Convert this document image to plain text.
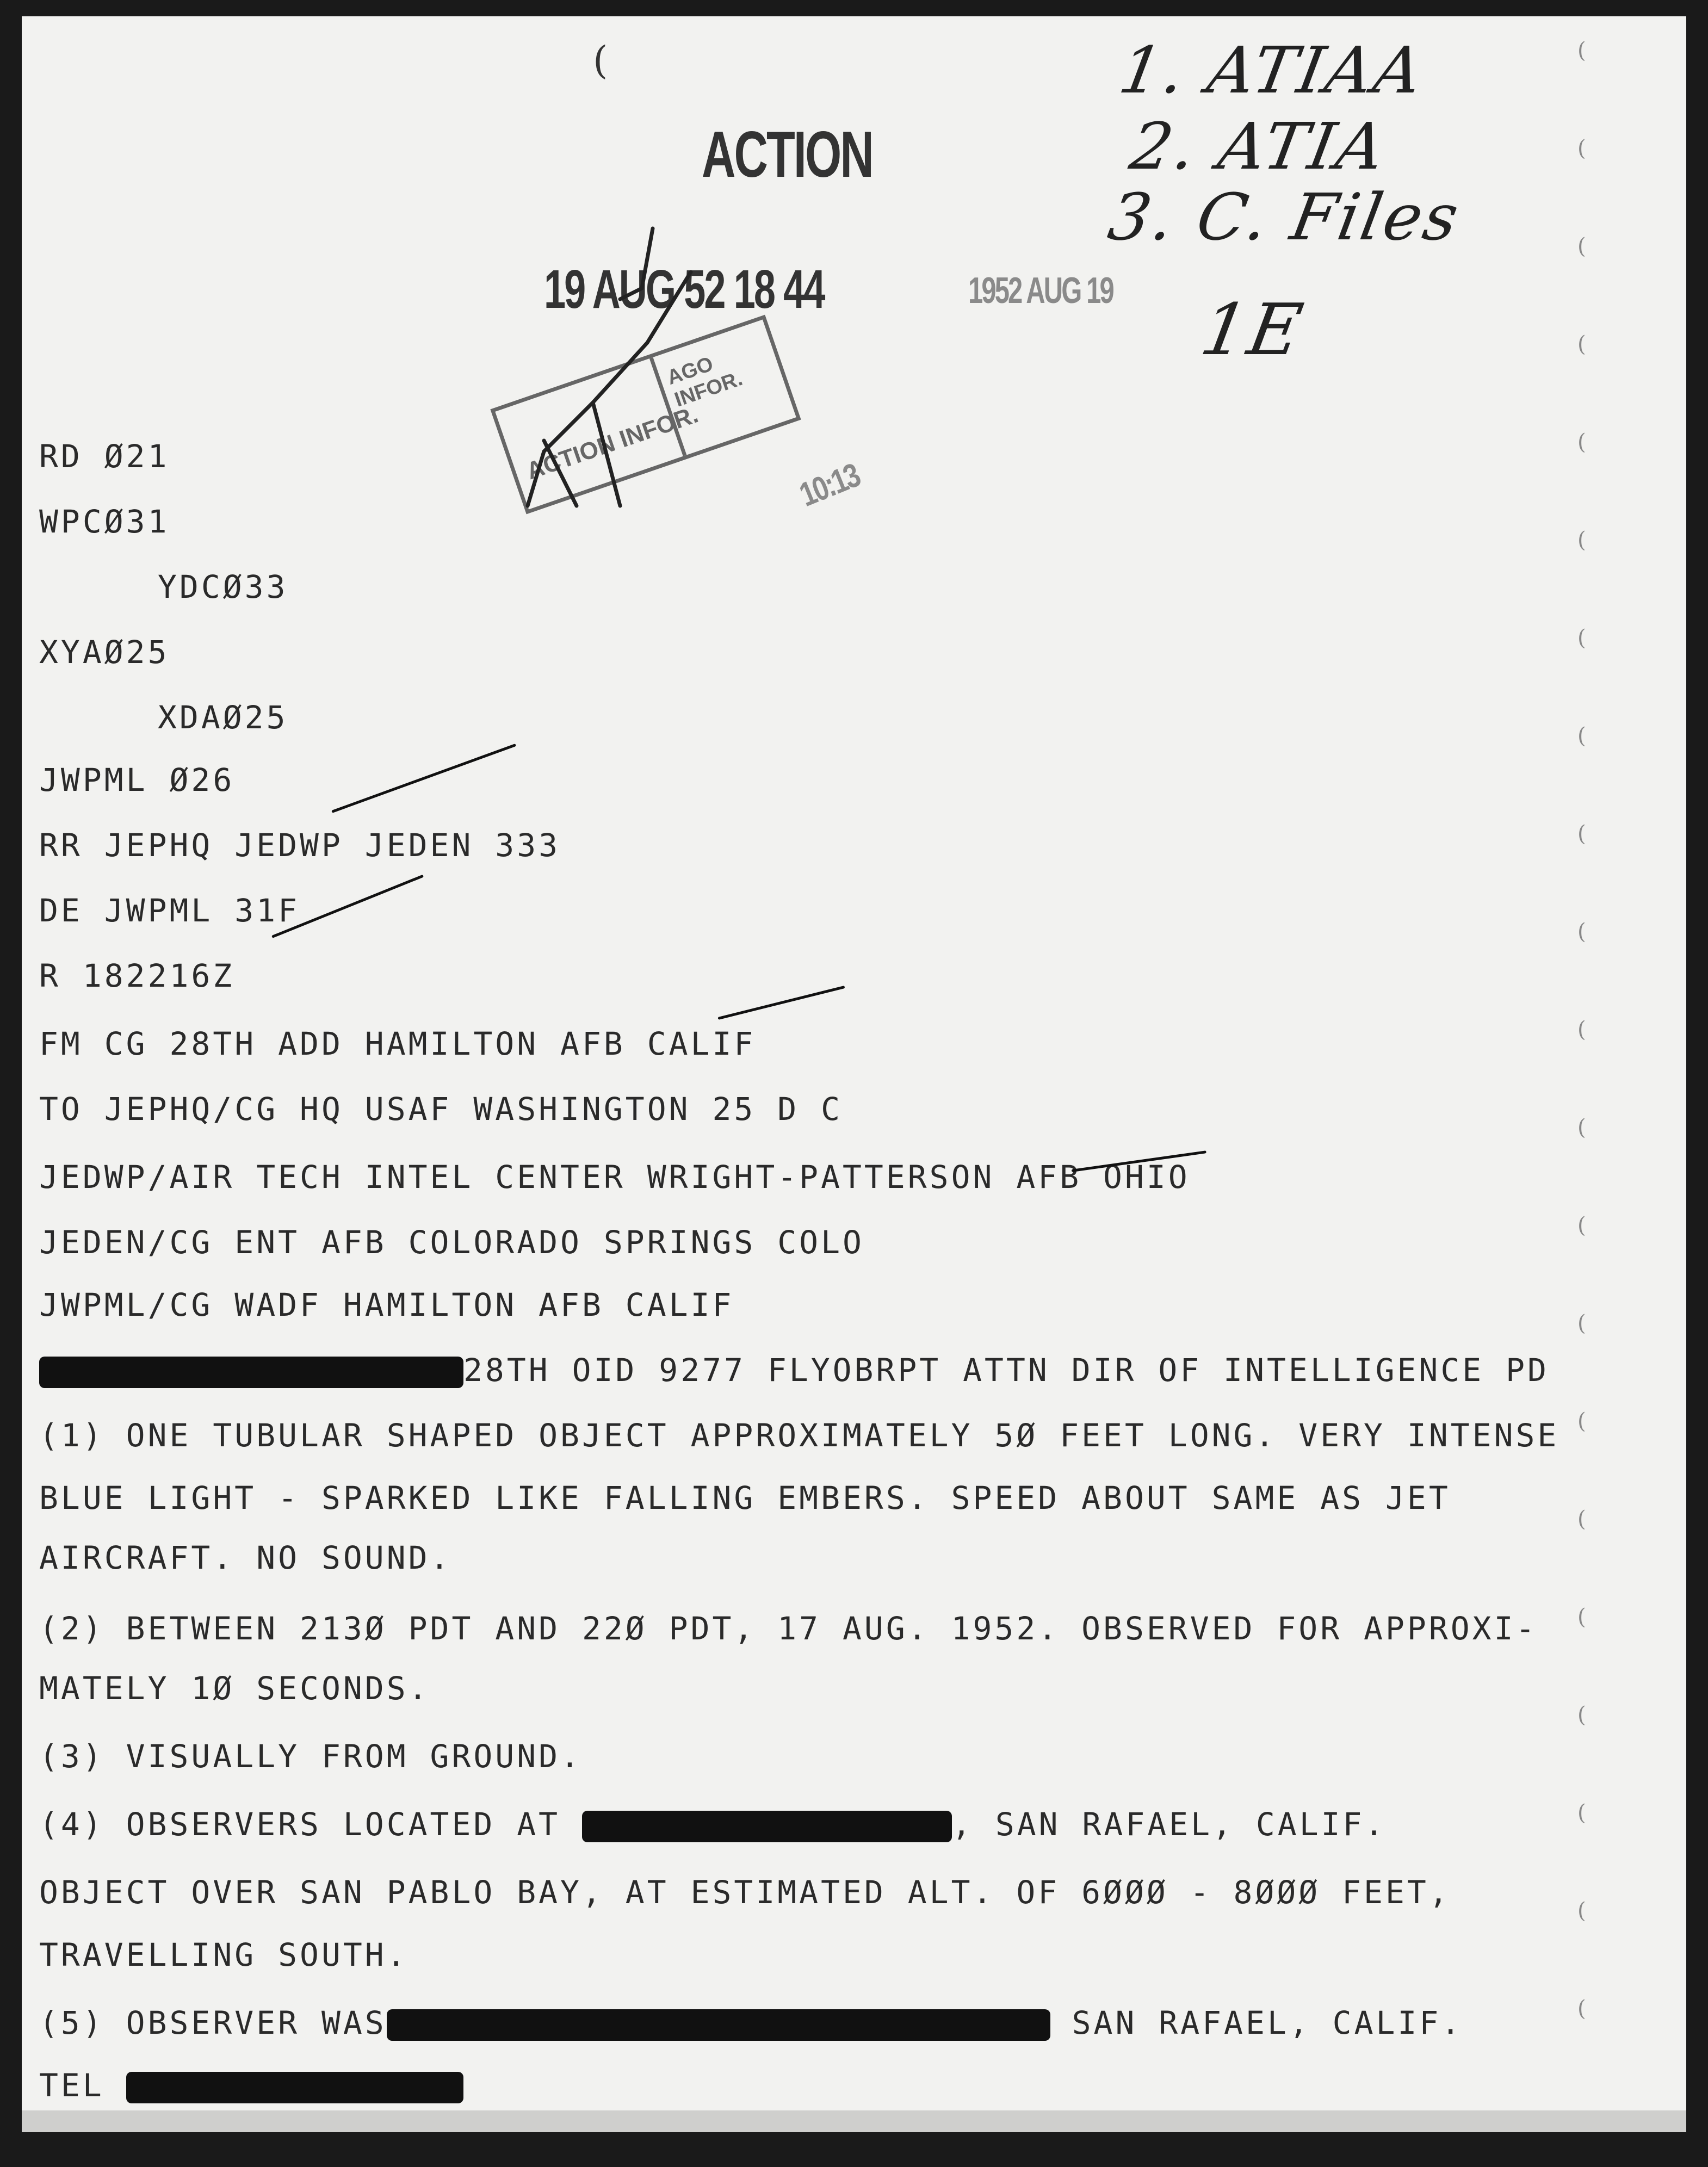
(
(
(
(
(
(
(
(
(
(
(
(
(
(
(
(
(
(
(
(
(
(	1. ATIAA
2. ATIA
3. C. Files
1E
ACTION
19 AUG 52 18 44	1952 AUG 19
ACTION INFOR.
AGO INFOR.
10:13
RD Ø21
WPCØ31
YDCØ33
XYAØ25
XDAØ25
JWPML Ø26
RR JEPHQ JEDWP JEDEN 333
DE JWPML 31F
R 182216Z
FM CG 28TH ADD HAMILTON AFB CALIF
TO JEPHQ/CG HQ USAF WASHINGTON 25 D C
JEDWP/AIR TECH INTEL CENTER WRIGHT-PATTERSON AFB OHIO
JEDEN/CG ENT AFB COLORADO SPRINGS COLO
JWPML/CG WADF HAMILTON AFB CALIF
28TH OID 9277 FLYOBRPT ATTN DIR OF INTELLIGENCE PD
(1) ONE TUBULAR SHAPED OBJECT APPROXIMATELY 5Ø FEET LONG. VERY INTENSE
BLUE LIGHT - SPARKED LIKE FALLING EMBERS. SPEED ABOUT SAME AS JET
AIRCRAFT. NO SOUND.
(2) BETWEEN 213Ø PDT AND 22Ø PDT, 17 AUG. 1952. OBSERVED FOR APPROXI-
MATELY 1Ø SECONDS.
(3) VISUALLY FROM GROUND.
(4) OBSERVERS LOCATED AT	, SAN RAFAEL, CALIF.
OBJECT OVER SAN PABLO BAY, AT ESTIMATED ALT. OF 6ØØØ - 8ØØØ FEET,
TRAVELLING SOUTH.
(5) OBSERVER WAS	SAN RAFAEL, CALIF.
TEL
